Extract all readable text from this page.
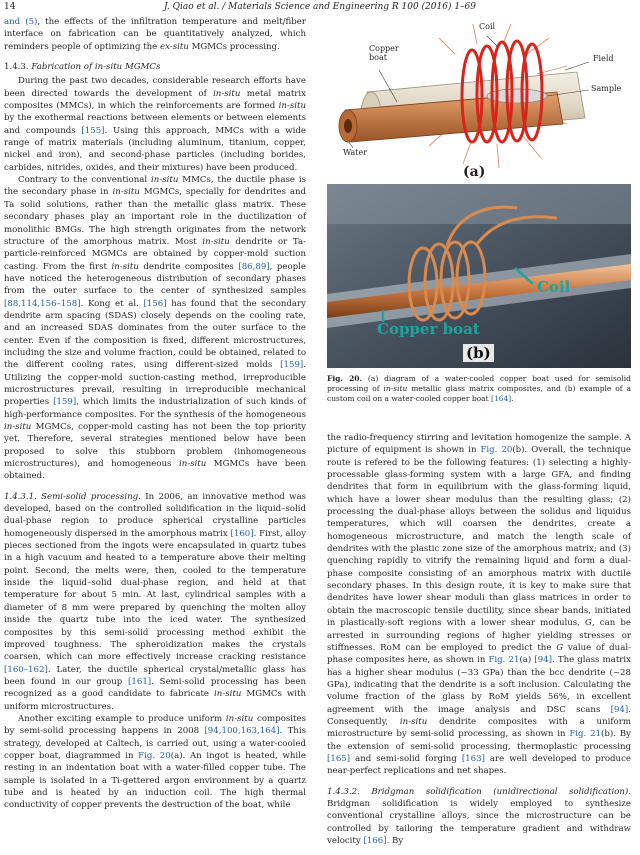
14	J. Qiao et al. / Materials Science and Engineering R 100 (2016) 1–69

and (5), the effects of the infiltration temperature and melt/fiber interface on fabrication can be quantitatively analyzed, which reminders people of optimizing the ex-situ MGMCs processing.

1.4.3. Fabrication of in-situ MGMCs

During the past two decades, considerable research efforts have been directed towards the development of in-situ metal matrix composites (MMCs), in which the reinforcements are formed in-situ by the exothermal reactions between elements or between elements and compounds [155]. Using this approach, MMCs with a wide range of matrix materials (including aluminum, titanium, copper, nickel and iron), and second-phase particles (including borides, carbides, nitrides, oxides, and their mixtures) have been produced.

Contrary to the conventional in-situ MMCs, the ductile phase is the secondary phase in in-situ MGMCs, specially for dendrites and Ta solid solutions, rather than the metallic glass matrix. These secondary phases play an important role in the ductilization of monolithic BMGs. The high strength originates from the network structure of the amorphous matrix. Most in-situ dendrite or Ta-particle-reinforced MGMCs are obtained by copper-mold suction casting. From the first in-situ dendrite composites [86,89], people have noticed the heterogeneous distribution of secondary phases from the outer surface to the center of synthesized samples [88,114,156–158]. Kong et al. [156] has found that the secondary dendrite arm spacing (SDAS) closely depends on the cooling rate, and an increased SDAS dominates from the outer surface to the center. Even if the composition is fixed, different microstructures, including the size and volume fraction, could be obtained, related to the different cooling rates, using different-sized molds [159]. Utilizing the copper-mold suction-casting method, irreproducible microstructures prevail, resulting in irreproducible mechanical properties [159], which limits the industrialization of such kinds of high-performance composites. For the synthesis of the homogeneous in-situ MGMCs, copper-mold casting has not been the top priority yet. Therefore, several strategies mentioned below have been proposed to solve this stubborn problem (inhomogeneous microstructures), and homogeneous in-situ MGMCs have been obtained.

1.4.3.1. Semi-solid processing. In 2006, an innovative method was developed, based on the controlled solidification in the liquid–solid dual-phase region to produce spherical crystalline particles homogeneously dispersed in the amorphous matrix [160]. First, alloy pieces sectioned from the ingots were encapsulated in quartz tubes in a high vacuum and heated to a temperature above their melting point. Second, the melts were, then, cooled to the temperature inside the liquid–solid dual-phase region, and held at that temperature for about 5 min. At last, cylindrical samples with a diameter of 8 mm were prepared by quenching the molten alloy inside the quartz tube into the iced water. The synthesized composites by this semi-solid processing method exhibit the improved toughness. The spheroidization makes the crystals coarsen, which can more effectively increase cracking resistance [160–162]. Later, the ductile spherical crystal/metallic glass has been found in our group [161]. Semi-solid processing has been recognized as a good candidate to fabricate in-situ MGMCs with uniform microstructures.

Another exciting example to produce uniform in-situ composites by semi-solid processing happens in 2008 [94,100,163,164]. This strategy, developed at Caltech, is carried out, using a water-cooled copper boat, diagrammed in Fig. 20(a). An ingot is heated, while resting in an indentation boat with a water-filled copper tube. The sample is isolated in a Ti-gettered argon environment by a quartz tube and is heated by an induction coil. The high thermal conductivity of copper prevents the destruction of the boat, while

Coil
Copper boat	Field
Sample
Water
(a)
Coil
Copper boat
(b)
Fig. 20. (a) diagram of a water-cooled copper boat used for semisolid processing of in-situ metallic glass matrix composites, and (b) example of a custom coil on a water-cooled copper boat [164].

the radio-frequency stirring and levitation homogenize the sample. A picture of equipment is shown in Fig. 20(b). Overall, the technique route is refered to be the following features: (1) selecting a highly-processable glass-forming system with a large GFA, and finding dendrites that form in equilibrium with the glass-forming liquid, which have a lower shear modulus than the resulting glass; (2) processing the dual-phase alloys between the solidus and liquidus temperatures, which will coarsen the dendrites, create a homogeneous microstructure, and match the length scale of dendrites with the plastic zone size of the amorphous matrix; and (3) quenching rapidly to vitrify the remaining liquid and form a dual-phase composite consisting of an amorphous matrix with ductile secondary phases. In this design route, it is key to make sure that dendrites have lower shear moduli than glass matrices in order to obtain the macroscopic tensile ductility, since shear bands, initiated in plastically-soft regions with a lower shear modulus, G, can be arrested in surrounding regions of higher yielding stresses or stiffnesses. RoM can be employed to predict the G value of dual-phase composites here, as shown in Fig. 21(a) [94]. The glass matrix has a higher shear modulus (~33 GPa) than the bcc dendrite (~28 GPa), indicating that the dendrite is a soft inclusion. Calculating the volume fraction of the glass by RoM yields 56%, in excellent agreement with the image analysis and DSC scans [94]. Consequently, in-situ dendrite composites with a uniform microstructure by semi-solid processing, as shown in Fig. 21(b). By the extension of semi-solid processing, thermoplastic processing [165] and semi-solid forging [163] are well developed to produce near-perfect replications and net shapes.

1.4.3.2. Bridgman solidification (unidirectional solidification). Bridgman solidification is widely employed to synthesize conventional crystalline alloys, since the microstructure can be controlled by tailoring the temperature gradient and withdraw velocity [166]. By
